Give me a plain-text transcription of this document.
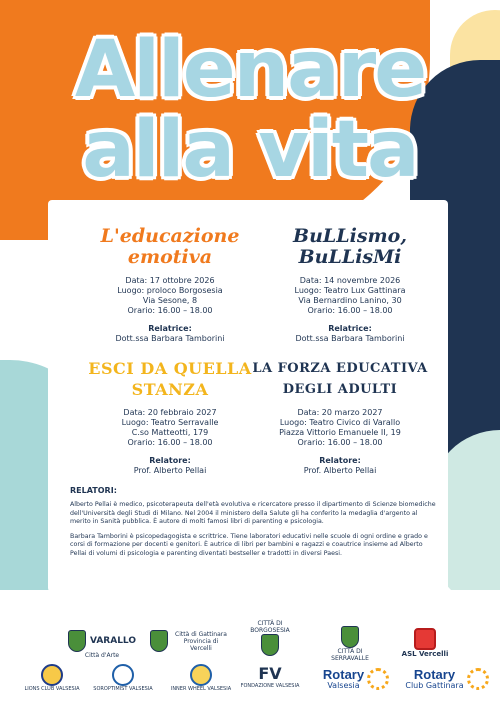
Allenare
alla vita
L'educazione emotiva
Data: 17 ottobre 2026
Luogo: proloco Borgosesia
Via Sesone, 8
Orario: 16.00 – 18.00
Relatrice:
Dott.ssa Barbara Tamborini
BuLLismo, BuLLisMi
Data: 14 novembre 2026
Luogo: Teatro Lux Gattinara
Via Bernardino Lanino, 30
Orario: 16.00 – 18.00
Relatrice:
Dott.ssa Barbara Tamborini
ESCI DA QUELLA STANZA
Data: 20 febbraio 2027
Luogo: Teatro Serravalle
C.so Matteotti, 179
Orario: 16.00 – 18.00
Relatore:
Prof. Alberto Pellai
LA FORZA EDUCATIVA DEGLI ADULTI
Data: 20 marzo 2027
Luogo: Teatro Civico di Varallo
Piazza Vittorio Emanuele II, 19
Orario: 16.00 – 18.00
Relatore:
Prof. Alberto Pellai
RELATORI:

Alberto Pellai è medico, psicoterapeuta dell'età evolutiva e ricercatore presso il dipartimento di Scienze biomediche dell'Università degli Studi di Milano. Nel 2004 il ministero della Salute gli ha conferito la medaglia d'argento al merito in Sanità pubblica. È autore di molti famosi libri di parenting e psicologia.

Barbara Tamborini è psicopedagogista e scrittrice. Tiene laboratori educativi nelle scuole di ogni ordine e grado e corsi di formazione per docenti e genitori. È autrice di libri per bambini e ragazzi e coautrice insieme ad Alberto Pellai di volumi di psicologia e parenting diventati bestseller e tradotti in diversi Paesi.

VARALLO
Città d'Arte
Città di Gattinara
Provincia di Vercelli
CITTÀ DI BORGOSESIA
CITTÀ DI SERRAVALLE
ASL Vercelli
LIONS CLUB VALSESIA	SOROPTIMIST VALSESIA	INNER WHEEL VALSESIA
FV
FONDAZIONE VALSESIA
Rotary
Valsesia
Rotary
Club Gattinara
